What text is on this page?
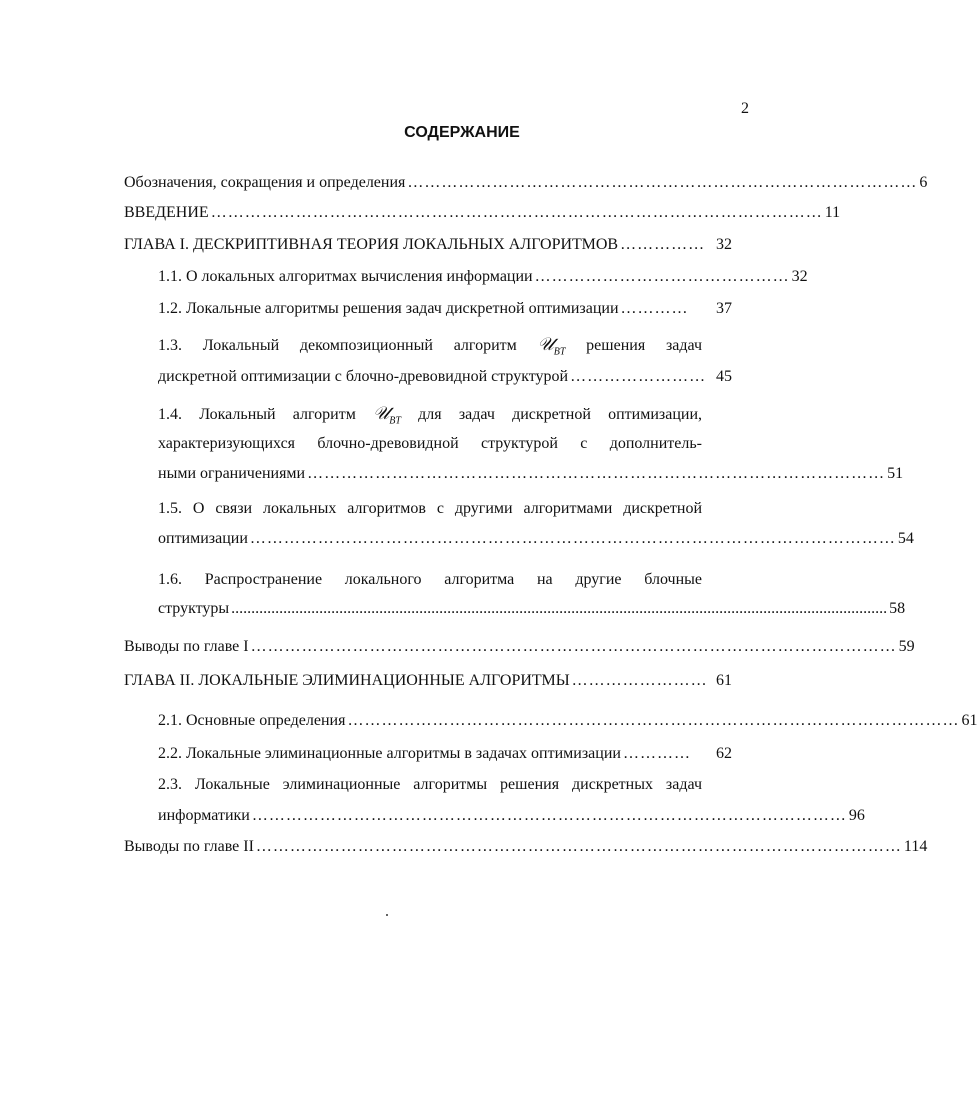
2
СОДЕРЖАНИЕ
Обозначения, сокращения и определения ……………………………………………………………………………… 6
ВВЕДЕНИЕ ……………………………………………………………………………………………… 11
ГЛАВА I. ДЕСКРИПТИВНАЯ ТЕОРИЯ ЛОКАЛЬНЫХ АЛГОРИТМОВ …………… 32
1.1. О локальных алгоритмах вычисления информации ……………………………………… 32
1.2. Локальные алгоритмы решения задач дискретной оптимизации …………	37
1.3. Локальный декомпозиционный алгоритм 𝒰$_{BT}$ решения задач
дискретной оптимизации с блочно-древовидной структурой …………………… 45
1.4. Локальный алгоритм 𝒰$_{BT}$ для задач дискретной оптимизации,
характеризующихся блочно-древовидной структурой с дополнитель-
ными ограничениями ………………………………………………………………………………………… 51
1.5. О связи локальных алгоритмов с другими алгоритмами дискретной
оптимизации …………………………………………………………………………………………………… 54
1.6. Распространение локального алгоритма на другие блочные
структуры .................................................................................................................................................................... 58
Выводы по главе I …………………………………………………………………………………………………… 59
ГЛАВА II. ЛОКАЛЬНЫЕ ЭЛИМИНАЦИОННЫЕ АЛГОРИТМЫ …………………… 61
2.1. Основные определения ……………………………………………………………………………………………… 61
2.2. Локальные элиминационные алгоритмы в задачах оптимизации …………	62
2.3. Локальные элиминационные алгоритмы решения дискретных задач
информатики …………………………………………………………………………………………… 96
Выводы по главе II …………………………………………………………………………………………………… 114
